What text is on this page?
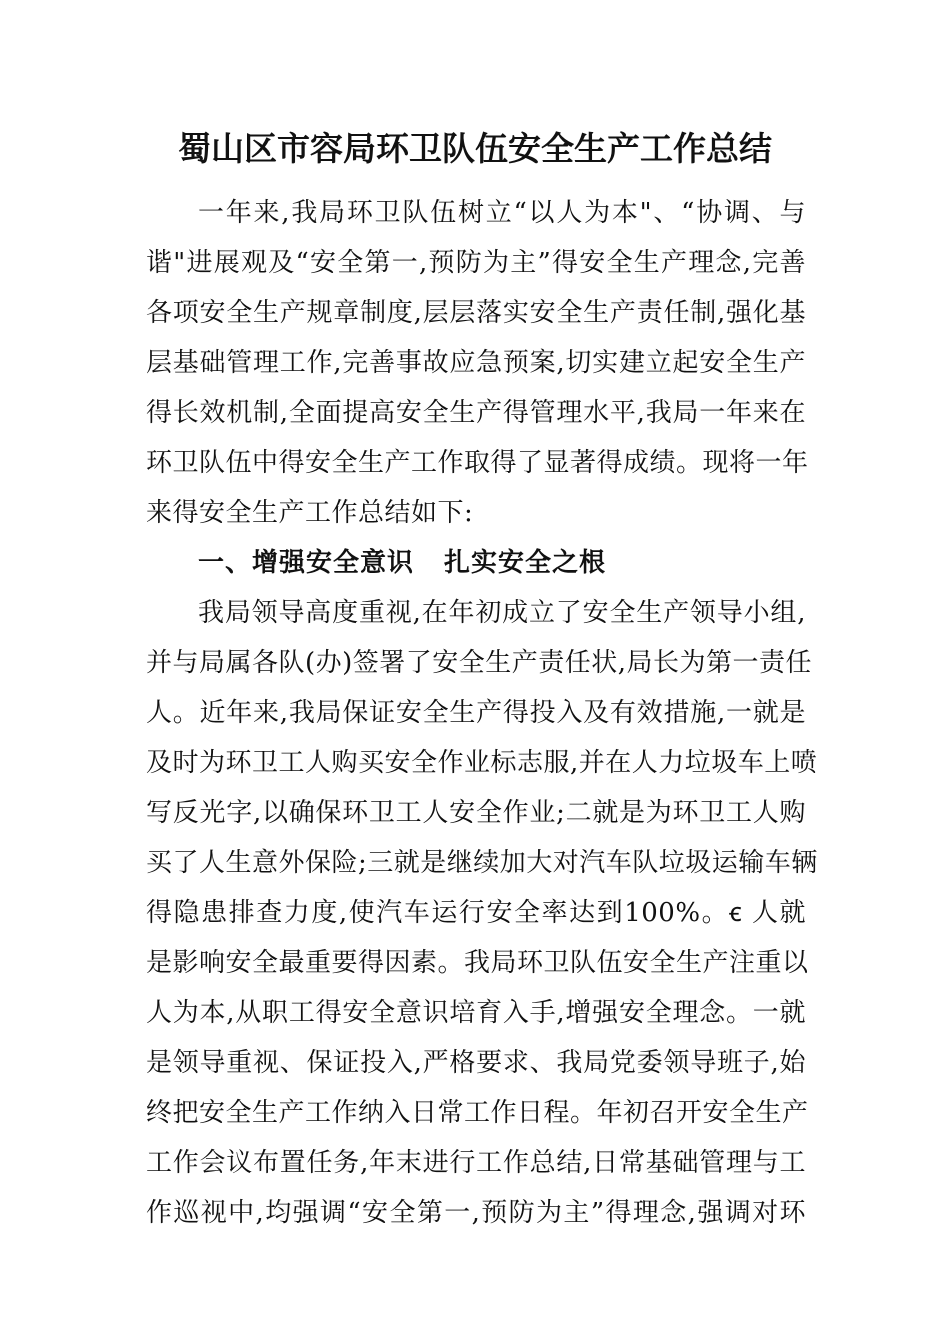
蜀山区市容局环卫队伍安全生产工作总结
一年来,我局环卫队伍树立“以人为本"、“协调、与
谐"进展观及“安全第一,预防为主”得安全生产理念,完善
各项安全生产规章制度,层层落实安全生产责任制,强化基
层基础管理工作,完善事故应急预案,切实建立起安全生产
得长效机制,全面提高安全生产得管理水平,我局一年来在
环卫队伍中得安全生产工作取得了显著得成绩。现将一年
来得安全生产工作总结如下:
一、增强安全意识 扎实安全之根
我局领导高度重视,在年初成立了安全生产领导小组,
并与局属各队(办)签署了安全生产责任状,局长为第一责任
人。近年来,我局保证安全生产得投入及有效措施,一就是
及时为环卫工人购买安全作业标志服,并在人力垃圾车上喷
写反光字,以确保环卫工人安全作业;二就是为环卫工人购
买了人生意外保险;三就是继续加大对汽车队垃圾运输车辆
得隐患排查力度,使汽车运行安全率达到100%。ꞓ 人就
是影响安全最重要得因素。我局环卫队伍安全生产注重以
人为本,从职工得安全意识培育入手,增强安全理念。一就
是领导重视、保证投入,严格要求、我局党委领导班子,始
终把安全生产工作纳入日常工作日程。年初召开安全生产
工作会议布置任务,年末进行工作总结,日常基础管理与工
作巡视中,均强调“安全第一,预防为主”得理念,强调对环
